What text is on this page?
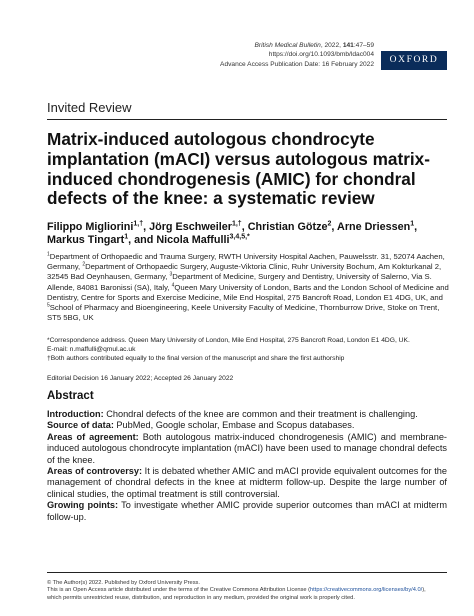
British Medical Bulletin, 2022, 141:47–59
https://doi.org/10.1093/bmb/ldac004
Advance Access Publication Date: 16 February 2022	OXFORD
Invited Review
Matrix-induced autologous chondrocyte implantation (mACI) versus autologous matrix-induced chondrogenesis (AMIC) for chondral defects of the knee: a systematic review
Filippo Migliorini$^{1,\dagger}$, Jörg Eschweiler$^{1,\dagger}$, Christian Götze$^2$, Arne Driessen$^1$, Markus Tingart$^1$, and Nicola Maffulli$^{3,4,5,*}$
$^1$Department of Orthopaedic and Trauma Surgery, RWTH University Hospital Aachen, Pauwelsstr. 31, 52074 Aachen, Germany, $^2$Department of Orthopaedic Surgery, Auguste-Viktoria Clinic, Ruhr University Bochum, Am Kokturkanal 2, 32545 Bad Oeynhausen, Germany, $^3$Department of Medicine, Surgery and Dentistry, University of Salerno, Via S. Allende, 84081 Baronissi (SA), Italy, $^4$Queen Mary University of London, Barts and the London School of Medicine and Dentistry, Centre for Sports and Exercise Medicine, Mile End Hospital, 275 Bancroft Road, London E1 4DG, UK, and $^5$School of Pharmacy and Bioengineering, Keele University Faculty of Medicine, Thornburrow Drive, Stoke on Trent, ST5 5BG, UK

*Correspondence address. Queen Mary University of London, Mile End Hospital, 275 Bancroft Road, London E1 4DG, UK.

E-mail: n.maffulli@qmul.ac.uk

†Both authors contributed equally to the final version of the manuscript and share the first authorship

Editorial Decision 16 January 2022; Accepted 26 January 2022
Abstract

Introduction: Chondral defects of the knee are common and their treatment is challenging.

Source of data: PubMed, Google scholar, Embase and Scopus databases.

Areas of agreement: Both autologous matrix-induced chondrogenesis (AMIC) and membrane-induced autologous chondrocyte implantation (mACI) have been used to manage chondral defects of the knee.

Areas of controversy: It is debated whether AMIC and mACI provide equivalent outcomes for the management of chondral defects in the knee at midterm follow-up. Despite the large number of clinical studies, the optimal treatment is still controversial.

Growing points: To investigate whether AMIC provide superior outcomes than mACI at midterm follow-up.

© The Author(s) 2022. Published by Oxford University Press.

This is an Open Access article distributed under the terms of the Creative Commons Attribution License (https://creativecommons.org/licenses/by/4.0/),

which permits unrestricted reuse, distribution, and reproduction in any medium, provided the original work is properly cited.
